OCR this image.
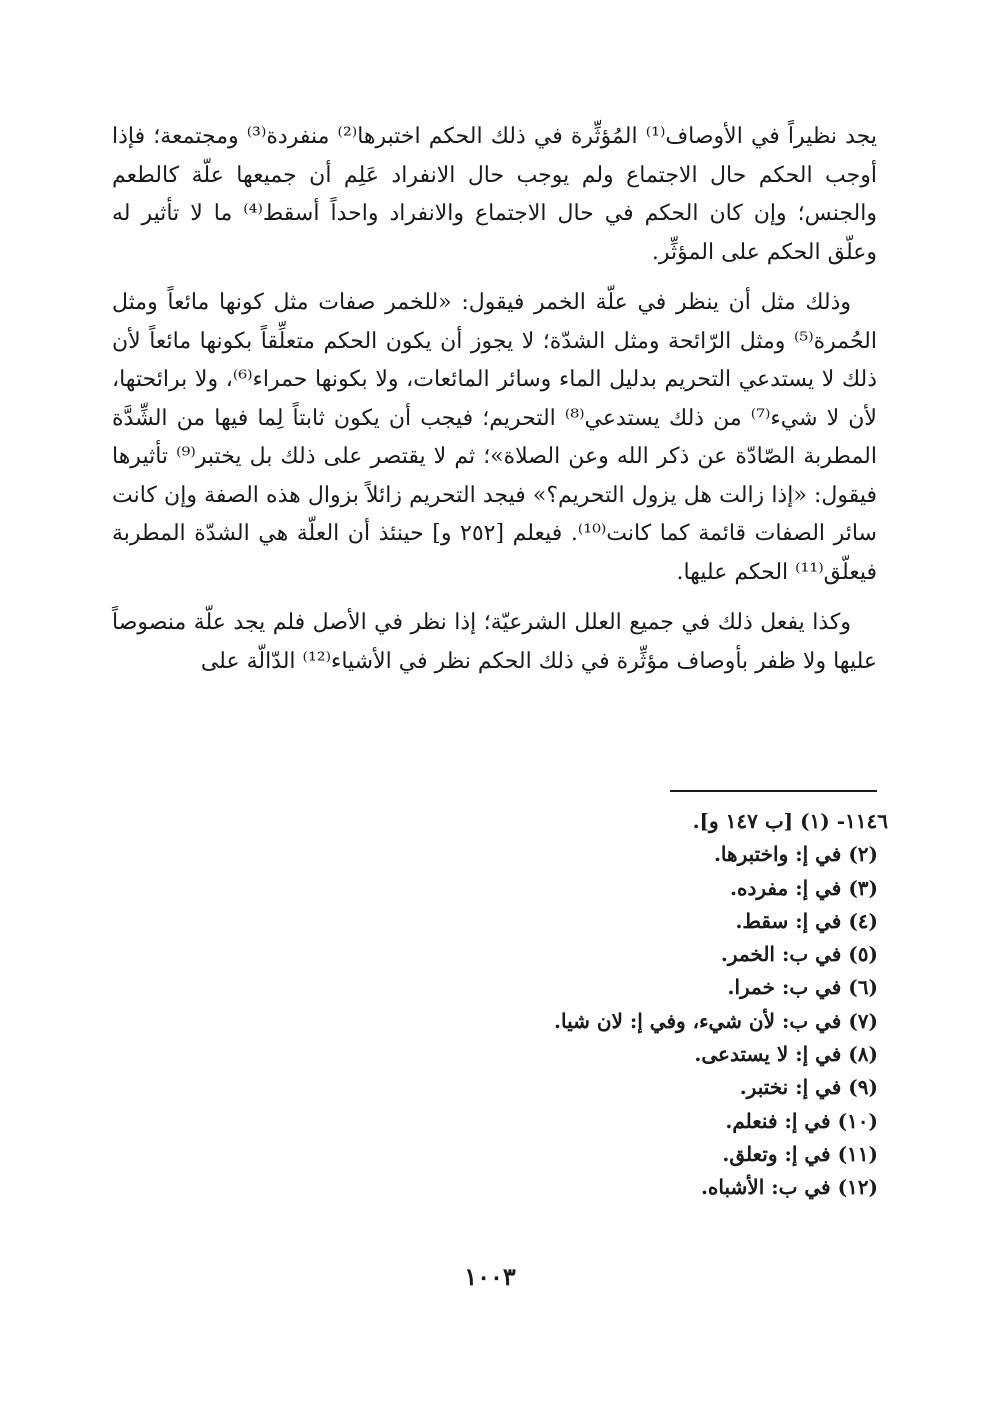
يجد نظيراً في الأوصاف⁽¹⁾ المُؤثِّرة في ذلك الحكم اختبرها⁽²⁾ منفردة⁽³⁾ ومجتمعة؛ فإذا أوجب الحكم حال الاجتماع ولم يوجب حال الانفراد عَلِم أن جميعها علّة كالطعم والجنس؛ وإن كان الحكم في حال الاجتماع والانفراد واحداً أسقط⁽⁴⁾ ما لا تأثير له وعلّق الحكم على المؤثِّر.

وذلك مثل أن ينظر في علّة الخمر فيقول: «للخمر صفات مثل كونها مائعاً ومثل الحُمرة⁽⁵⁾ ومثل الرّائحة ومثل الشدّة؛ لا يجوز أن يكون الحكم متعلِّقاً بكونها مائعاً لأن ذلك لا يستدعي التحريم بدليل الماء وسائر المائعات، ولا بكونها حمراء⁽⁶⁾، ولا برائحتها، لأن لا شيء⁽⁷⁾ من ذلك يستدعي⁽⁸⁾ التحريم؛ فيجب أن يكون ثابتاً لِما فيها من الشِّدَّة المطربة الصّادّة عن ذكر الله وعن الصلاة»؛ ثم لا يقتصر على ذلك بل يختبر⁽⁹⁾ تأثيرها فيقول: «إذا زالت هل يزول التحريم؟» فيجد التحريم زائلاً بزوال هذه الصفة وإن كانت سائر الصفات قائمة كما كانت⁽¹⁰⁾. فيعلم [٢٥٢ و] حينئذ أن العلّة هي الشدّة المطربة فيعلّق⁽¹¹⁾ الحكم عليها.

وكذا يفعل ذلك في جميع العلل الشرعيّة؛ إذا نظر في الأصل فلم يجد علّة منصوصاً عليها ولا ظفر بأوصاف مؤثِّرة في ذلك الحكم نظر في الأشياء⁽¹²⁾ الدّالّة على

١١٤٦- (١) [ب ١٤٧ و].
(٢) في إ: واختبرها.
(٣) في إ: مفرده.
(٤) في إ: سقط.
(٥) في ب: الخمر.
(٦) في ب: خمرا.
(٧) في ب: لأن شيء، وفي إ: لان شيا.
(٨) في إ: لا يستدعى.
(٩) في إ: نختبر.
(١٠) في إ: فنعلم.
(١١) في إ: وتعلق.
(١٢) في ب: الأشباه.
١٠٠٣
